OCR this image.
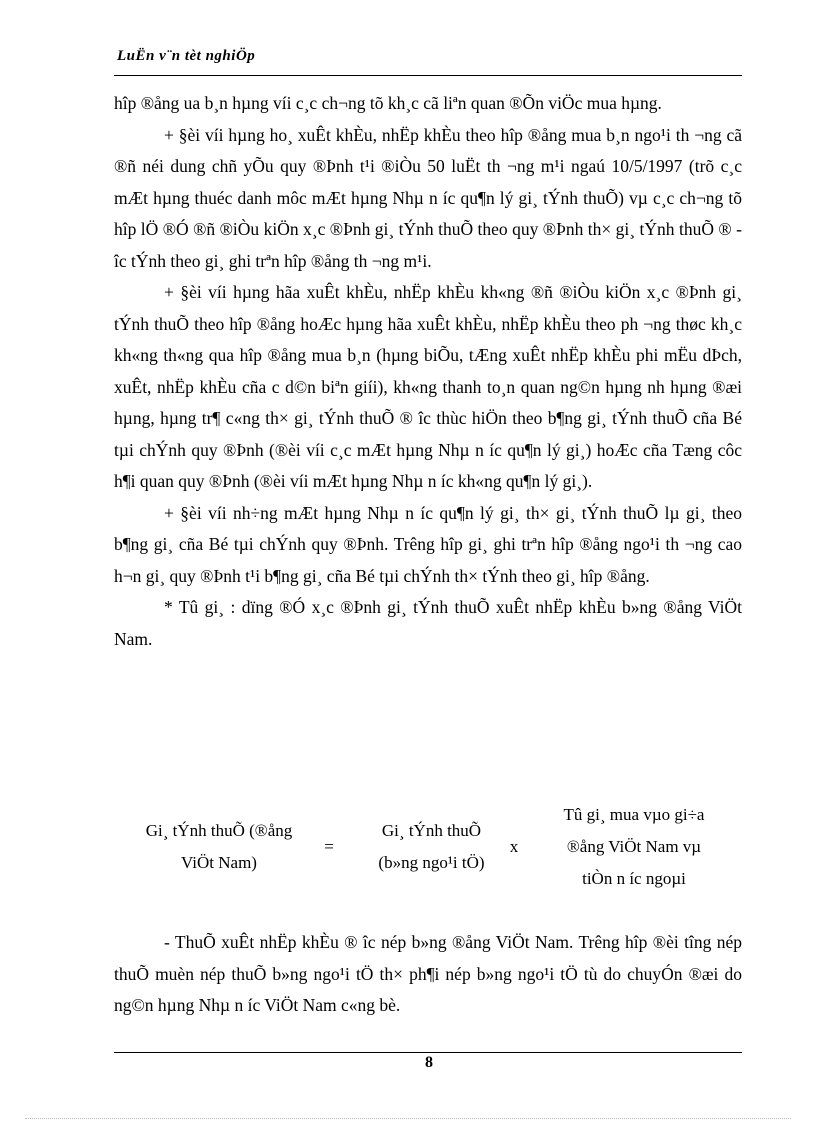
LuËn v¨n tèt nghiÖp

hîp ®ång ua b¸n hµng víi c¸c ch¬ng tõ kh¸c cã liªn quan ®Õn viÖc mua hµng.

+ §èi víi hµng ho¸ xuÊt khÈu, nhËp khÈu theo hîp ®ång mua b¸n ngo¹i th ¬ng cã ®ñ néi dung chñ yÕu quy ®Þnh t¹i ®iÒu 50 luËt th ¬ng m¹i ngaú 10/5/1997 (trõ c¸c mÆt hµng thuéc danh môc mÆt hµng Nhµ n íc qu¶n lý gi¸ tÝnh thuÕ) vµ c¸c ch¬ng tõ hîp lÖ ®Ó ®ñ ®iÒu kiÖn x¸c ®Þnh gi¸ tÝnh thuÕ theo quy ®Þnh th× gi¸ tÝnh thuÕ ® îc tÝnh theo gi¸ ghi trªn hîp ®ång th ¬ng m¹i.

+ §èi víi hµng hãa xuÊt khÈu, nhËp khÈu kh«ng ®ñ ®iÒu kiÖn x¸c ®Þnh gi¸ tÝnh thuÕ theo hîp ®ång hoÆc hµng hãa xuÊt khÈu, nhËp khÈu theo ph ¬ng thøc kh¸c kh«ng th«ng qua hîp ®ång mua b¸n (hµng biÕu, tÆng xuÊt nhËp khÈu phi mËu dÞch, xuÊt, nhËp khÈu cña c d©n biªn giíi), kh«ng thanh to¸n quan ng©n hµng nh hµng ®æi hµng, hµng tr¶ c«ng th× gi¸ tÝnh thuÕ ® îc thùc hiÖn theo b¶ng gi¸ tÝnh thuÕ cña Bé tµi chÝnh quy ®Þnh (®èi víi c¸c mÆt hµng Nhµ n íc qu¶n lý gi¸) hoÆc cña Tæng côc h¶i quan quy ®Þnh (®èi víi mÆt hµng Nhµ n íc kh«ng qu¶n lý gi¸).

+ §èi víi nh÷ng mÆt hµng Nhµ n íc qu¶n lý gi¸ th× gi¸ tÝnh thuÕ lµ gi¸ theo b¶ng gi¸ cña Bé tµi chÝnh quy ®Þnh. Trêng hîp gi¸ ghi trªn hîp ®ång ngo¹i th ¬ng cao h¬n gi¸ quy ®Þnh t¹i b¶ng gi¸ cña Bé tµi chÝnh th× tÝnh theo gi¸ hîp ®ång.

* Tû gi¸ : dïng ®Ó x¸c ®Þnh gi¸ tÝnh thuÕ xuÊt nhËp khÈu b»ng ®ång ViÖt Nam.

Gi¸ tÝnh thuÕ (®ång
ViÖt Nam)
=
Gi¸ tÝnh thuÕ
(b»ng ngo¹i tÖ)
x
Tû gi¸ mua vµo gi÷a
®ång ViÖt Nam vµ
tiÒn n íc ngoµi

- ThuÕ xuÊt nhËp khÈu ® îc nép b»ng ®ång ViÖt Nam. Trêng hîp ®èi tîng nép thuÕ muèn nép thuÕ b»ng ngo¹i tÖ th× ph¶i nép b»ng ngo¹i tÖ tù do chuyÓn ®æi do ng©n hµng Nhµ n íc ViÖt Nam c«ng bè.

8
